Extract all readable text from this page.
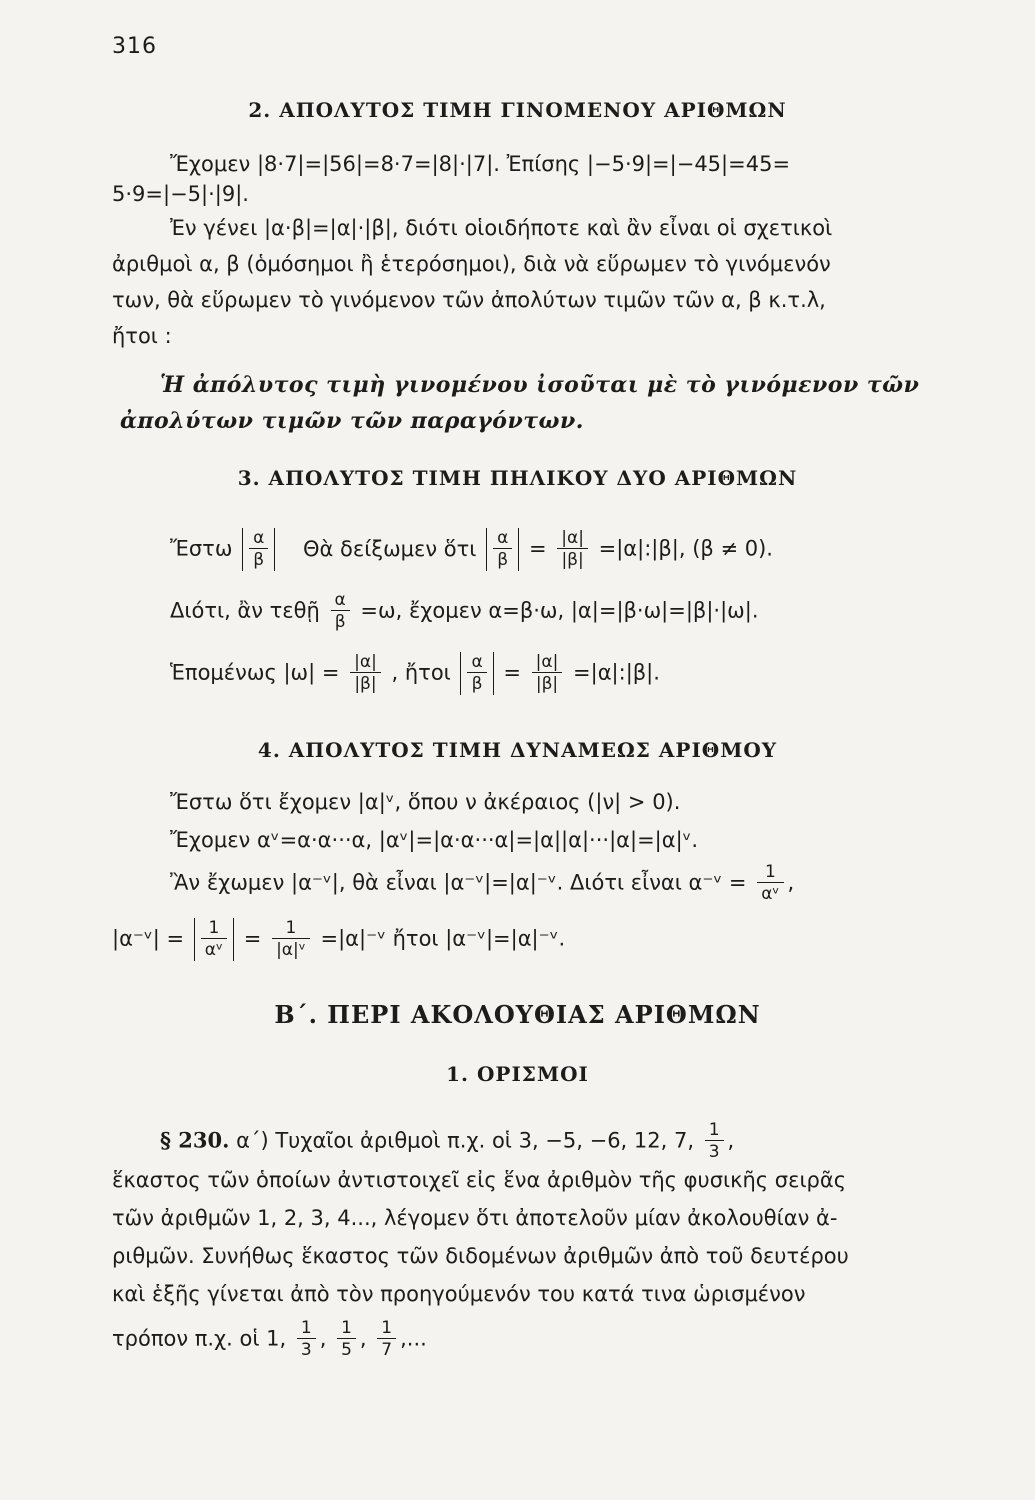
316
2. ΑΠΟΛΥΤΟΣ ΤΙΜΗ ΓΙΝΟΜΕΝΟΥ ΑΡΙΘΜΩΝ
Ἔχομεν |8·7|=|56|=8·7=|8|·|7|. Ἐπίσης |−5·9|=|−45|=45=
5·9=|−5|·|9|.
Ἐν γένει |α·β|=|α|·|β|, διότι οἱοιδήποτε καὶ ἂν εἶναι οἱ σχετικοὶ
ἀριθμοὶ α, β (ὁμόσημοι ἢ ἑτερόσημοι), διὰ νὰ εὕρωμεν τὸ γινόμενόν
των, θὰ εὕρωμεν τὸ γινόμενον τῶν ἀπολύτων τιμῶν τῶν α, β κ.τ.λ,
ἤτοι :
Ἡ ἀπόλυτος τιμὴ γινομένου ἰσοῦται μὲ τὸ γινόμενον τῶν
ἀπολύτων τιμῶν τῶν παραγόντων.
3. ΑΠΟΛΥΤΟΣ ΤΙΜΗ ΠΗΛΙΚΟΥ ΔΥΟ ΑΡΙΘΜΩΝ
Ἔστω $\frac{\alpha}{\beta}$ Θὰ δείξωμεν ὅτι $\frac{\alpha}{\beta} = \frac{|\alpha|}{|\beta|}$ =|α|:|β|, (β ≠ 0).
Διότι, ἂν τεθῇ $\frac{\alpha}{\beta} =\omega$, ἔχομεν α=β·ω, |α|=|β·ω|=|β|·|ω|.
Ἑπομένως $|\omega| = \frac{|\alpha|}{|\beta|}$ , ἤτοι $\frac{\alpha}{\beta} = \frac{|\alpha|}{|\beta|}$ =|α|:|β|.
4. ΑΠΟΛΥΤΟΣ ΤΙΜΗ ΔΥΝΑΜΕΩΣ ΑΡΙΘΜΟΥ
Ἔστω ὅτι ἔχομεν |α|ᵛ, ὅπου ν ἀκέραιος (|ν| > 0).
Ἔχομεν αᵛ=α·α···α, |αᵛ|=|α·α···α|=|α||α|···|α|=|α|ᵛ.
Ἂν ἔχωμεν |α⁻ᵛ|, θὰ εἶναι |α⁻ᵛ|=|α|⁻ᵛ. Διότι εἶναι α⁻ᵛ = $\frac{1}{\text{αᵛ}}$ ,
|α⁻ᵛ| = $\frac{1}{\text{αᵛ}} = \frac{1}{\text{|α|ᵛ}}$ =|α|⁻ᵛ ἤτοι |α⁻ᵛ|=|α|⁻ᵛ.
Β΄. ΠΕΡΙ ΑΚΟΛΟΥΘΙΑΣ ΑΡΙΘΜΩΝ
1. ΟΡΙΣΜΟΙ
§ 230. α΄) Τυχαῖοι ἀριθμοὶ π.χ. οἱ 3, −5, −6, 12, 7, $\frac{1}{3}$ ,
ἕκαστος τῶν ὁποίων ἀντιστοιχεῖ εἰς ἕνα ἀριθμὸν τῆς φυσικῆς σειρᾶς
τῶν ἀριθμῶν 1, 2, 3, 4..., λέγομεν ὅτι ἀποτελοῦν μίαν ἀκολουθίαν ἀ-
ριθμῶν. Συνήθως ἕκαστος τῶν διδομένων ἀριθμῶν ἀπὸ τοῦ δευτέρου
καὶ ἑξῆς γίνεται ἀπὸ τὸν προηγούμενόν του κατά τινα ὡρισμένον
τρόπον π.χ. οἱ 1, $\frac{1}{3}$ , $\frac{1}{5}$ , $\frac{1}{7}$ ,...
